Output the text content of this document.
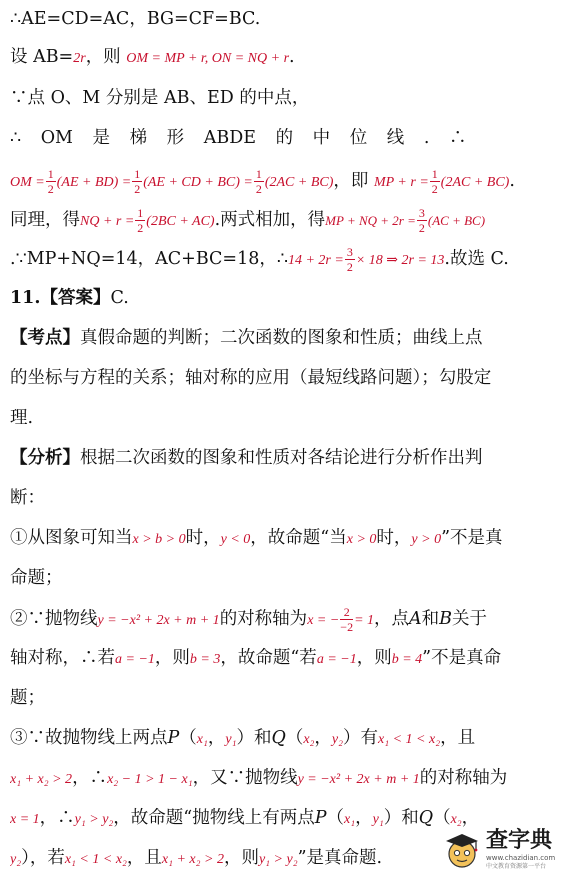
∴AE=CD=AC，BG=CF=BC.
设 AB=2r，则 OM = MP + r, ON = NQ + r.
∵点 O、M 分别是 AB、ED 的中点，
∴ OM 是 梯 形 ABDE 的 中 位 线 . ∴
OM = $\frac{1}{2} (AE + BD) = \frac{1}{2} (AE$ + CD + $BC) = \frac{1}{2} (2AC + BC)$，即 MP + $r = \frac{1}{2} (2AC + BC)$.
同理，得NQ + $r = \frac{1}{2} (2BC + AC)$.两式相加，得MP + NQ + $2r = \frac{3}{2} (AC + BC)$
.∵MP+NQ=14，AC+BC=18，∴14 + $2r = \frac{3}{2} \times 18$ ⇒ 2r = 13.故选 C.
11.【答案】C.
【考点】真假命题的判断；二次函数的图象和性质；曲线上点
的坐标与方程的关系；轴对称的应用（最短线路问题）；勾股定
理.
【分析】根据二次函数的图象和性质对各结论进行分析作出判
断：
①从图象可知当x > b > 0时，y < 0，故命题“当x > 0时，y > 0”不是真
命题；
②∵抛物线y = −x² + 2x + m + 1的对称轴为x = − $\frac{2}{-2} = 1$，点A和B关于
轴对称，∴若a = −1，则b = 3，故命题“若a = −1，则b = 4”不是真命
题；
③∵故抛物线上两点P（x₁，y₁）和Q（x₂，y₂）有x₁ < 1 < x₂，且
x₁ + x₂ > 2，∴x₂ − 1 > 1 − x₁，又∵抛物线y = −x² + 2x + m + 1的对称轴为
x = 1，∴y₁ > y₂，故命题“抛物线上有两点P（x₁，y₁）和Q（x₂，
y₂），若x₁ < 1 < x₂，且x₁ + x₂ > 2，则y₁ > y₂”是真命题.
查字典
www.chazidian.com
中文教育资源第一平台
